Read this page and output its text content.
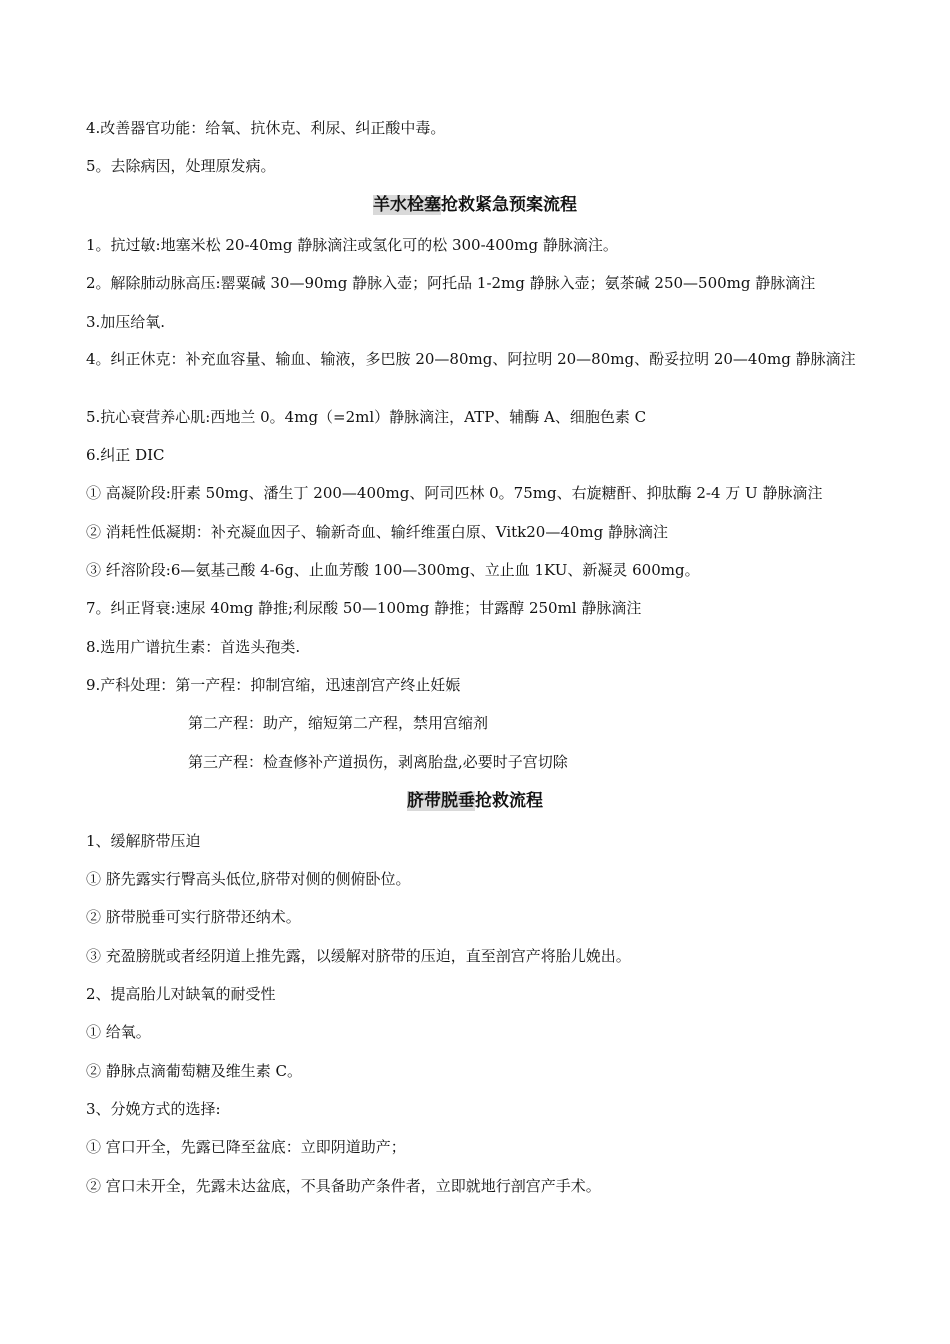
4.改善器官功能：给氧、抗休克、利尿、纠正酸中毒。
5。去除病因，处理原发病。
羊水栓塞抢救紧急预案流程
1。抗过敏:地塞米松 20-40mg 静脉滴注或氢化可的松 300-400mg 静脉滴注。
2。解除肺动脉高压:罂粟碱 30—90mg 静脉入壶；阿托品 1-2mg 静脉入壶；氨茶碱 250—500mg 静脉滴注
3.加压给氧.
4。纠正休克：补充血容量、输血、输液，多巴胺 20—80mg、阿拉明 20—80mg、酚妥拉明 20—40mg 静脉滴注
5.抗心衰营养心肌:西地兰 0。4mg（=2ml）静脉滴注，ATP、辅酶 A、细胞色素 C
6.纠正 DIC
① 高凝阶段:肝素 50mg、潘生丁 200—400mg、阿司匹林 0。75mg、右旋糖酐、抑肽酶 2-4 万 U 静脉滴注
② 消耗性低凝期：补充凝血因子、输新奇血、输纤维蛋白原、Vitk20—40mg 静脉滴注
③ 纤溶阶段:6—氨基己酸 4-6g、止血芳酸 100—300mg、立止血 1KU、新凝灵 600mg。
7。纠正肾衰:速尿 40mg 静推;利尿酸 50—100mg 静推；甘露醇 250ml 静脉滴注
8.选用广谱抗生素：首选头孢类.
9.产科处理：第一产程：抑制宫缩，迅速剖宫产终止妊娠
第二产程：助产，缩短第二产程，禁用宫缩剂
第三产程：检查修补产道损伤，剥离胎盘,必要时子宫切除
脐带脱垂抢救流程
1、缓解脐带压迫
① 脐先露实行臀高头低位,脐带对侧的侧俯卧位。
② 脐带脱垂可实行脐带还纳术。
③ 充盈膀胱或者经阴道上推先露，以缓解对脐带的压迫，直至剖宫产将胎儿娩出。
2、提高胎儿对缺氧的耐受性
① 给氧。
② 静脉点滴葡萄糖及维生素 C。
3、分娩方式的选择:
① 宫口开全，先露已降至盆底：立即阴道助产；
② 宫口未开全，先露未达盆底，不具备助产条件者，立即就地行剖宫产手术。
